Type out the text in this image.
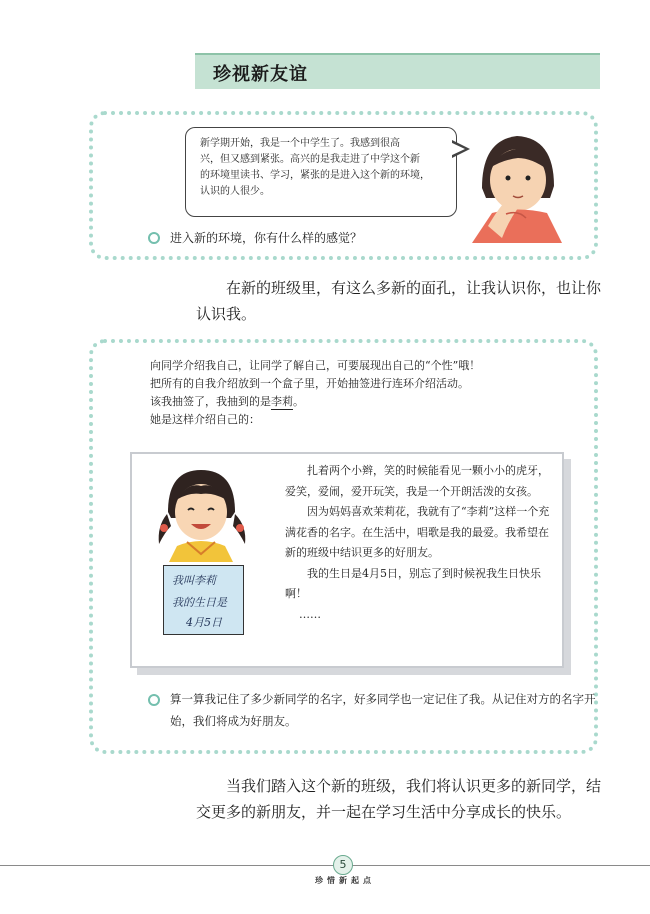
珍视新友谊
新学期开始，我是一个中学生了。我感到很高
兴，但又感到紧张。高兴的是我走进了中学这个新
的环境里读书、学习，紧张的是进入这个新的环境，
认识的人很少。
进入新的环境，你有什么样的感觉？
在新的班级里，有这么多新的面孔，让我认识你，也让你认识我。
向同学介绍我自己，让同学了解自己，可要展现出自己的“个性”哦！
把所有的自我介绍放到一个盒子里，开始抽签进行连环介绍活动。
该我抽签了，我抽到的是李莉。
她是这样介绍自己的：
我叫李莉
我的生日是
4月5日

扎着两个小辫，笑的时候能看见一颗小小的虎牙，爱笑，爱闹，爱开玩笑，我是一个开朗活泼的女孩。

因为妈妈喜欢茉莉花，我就有了“李莉”这样一个充满花香的名字。在生活中，唱歌是我的最爱。我希望在新的班级中结识更多的好朋友。

我的生日是4月5日，别忘了到时候祝我生日快乐啊！

……

算一算我记住了多少新同学的名字，好多同学也一定记住了我。从记住对方的名字开始，我们将成为好朋友。
当我们踏入这个新的班级，我们将认识更多的新同学，结交更多的新朋友，并一起在学习生活中分享成长的快乐。
5
珍惜新起点
